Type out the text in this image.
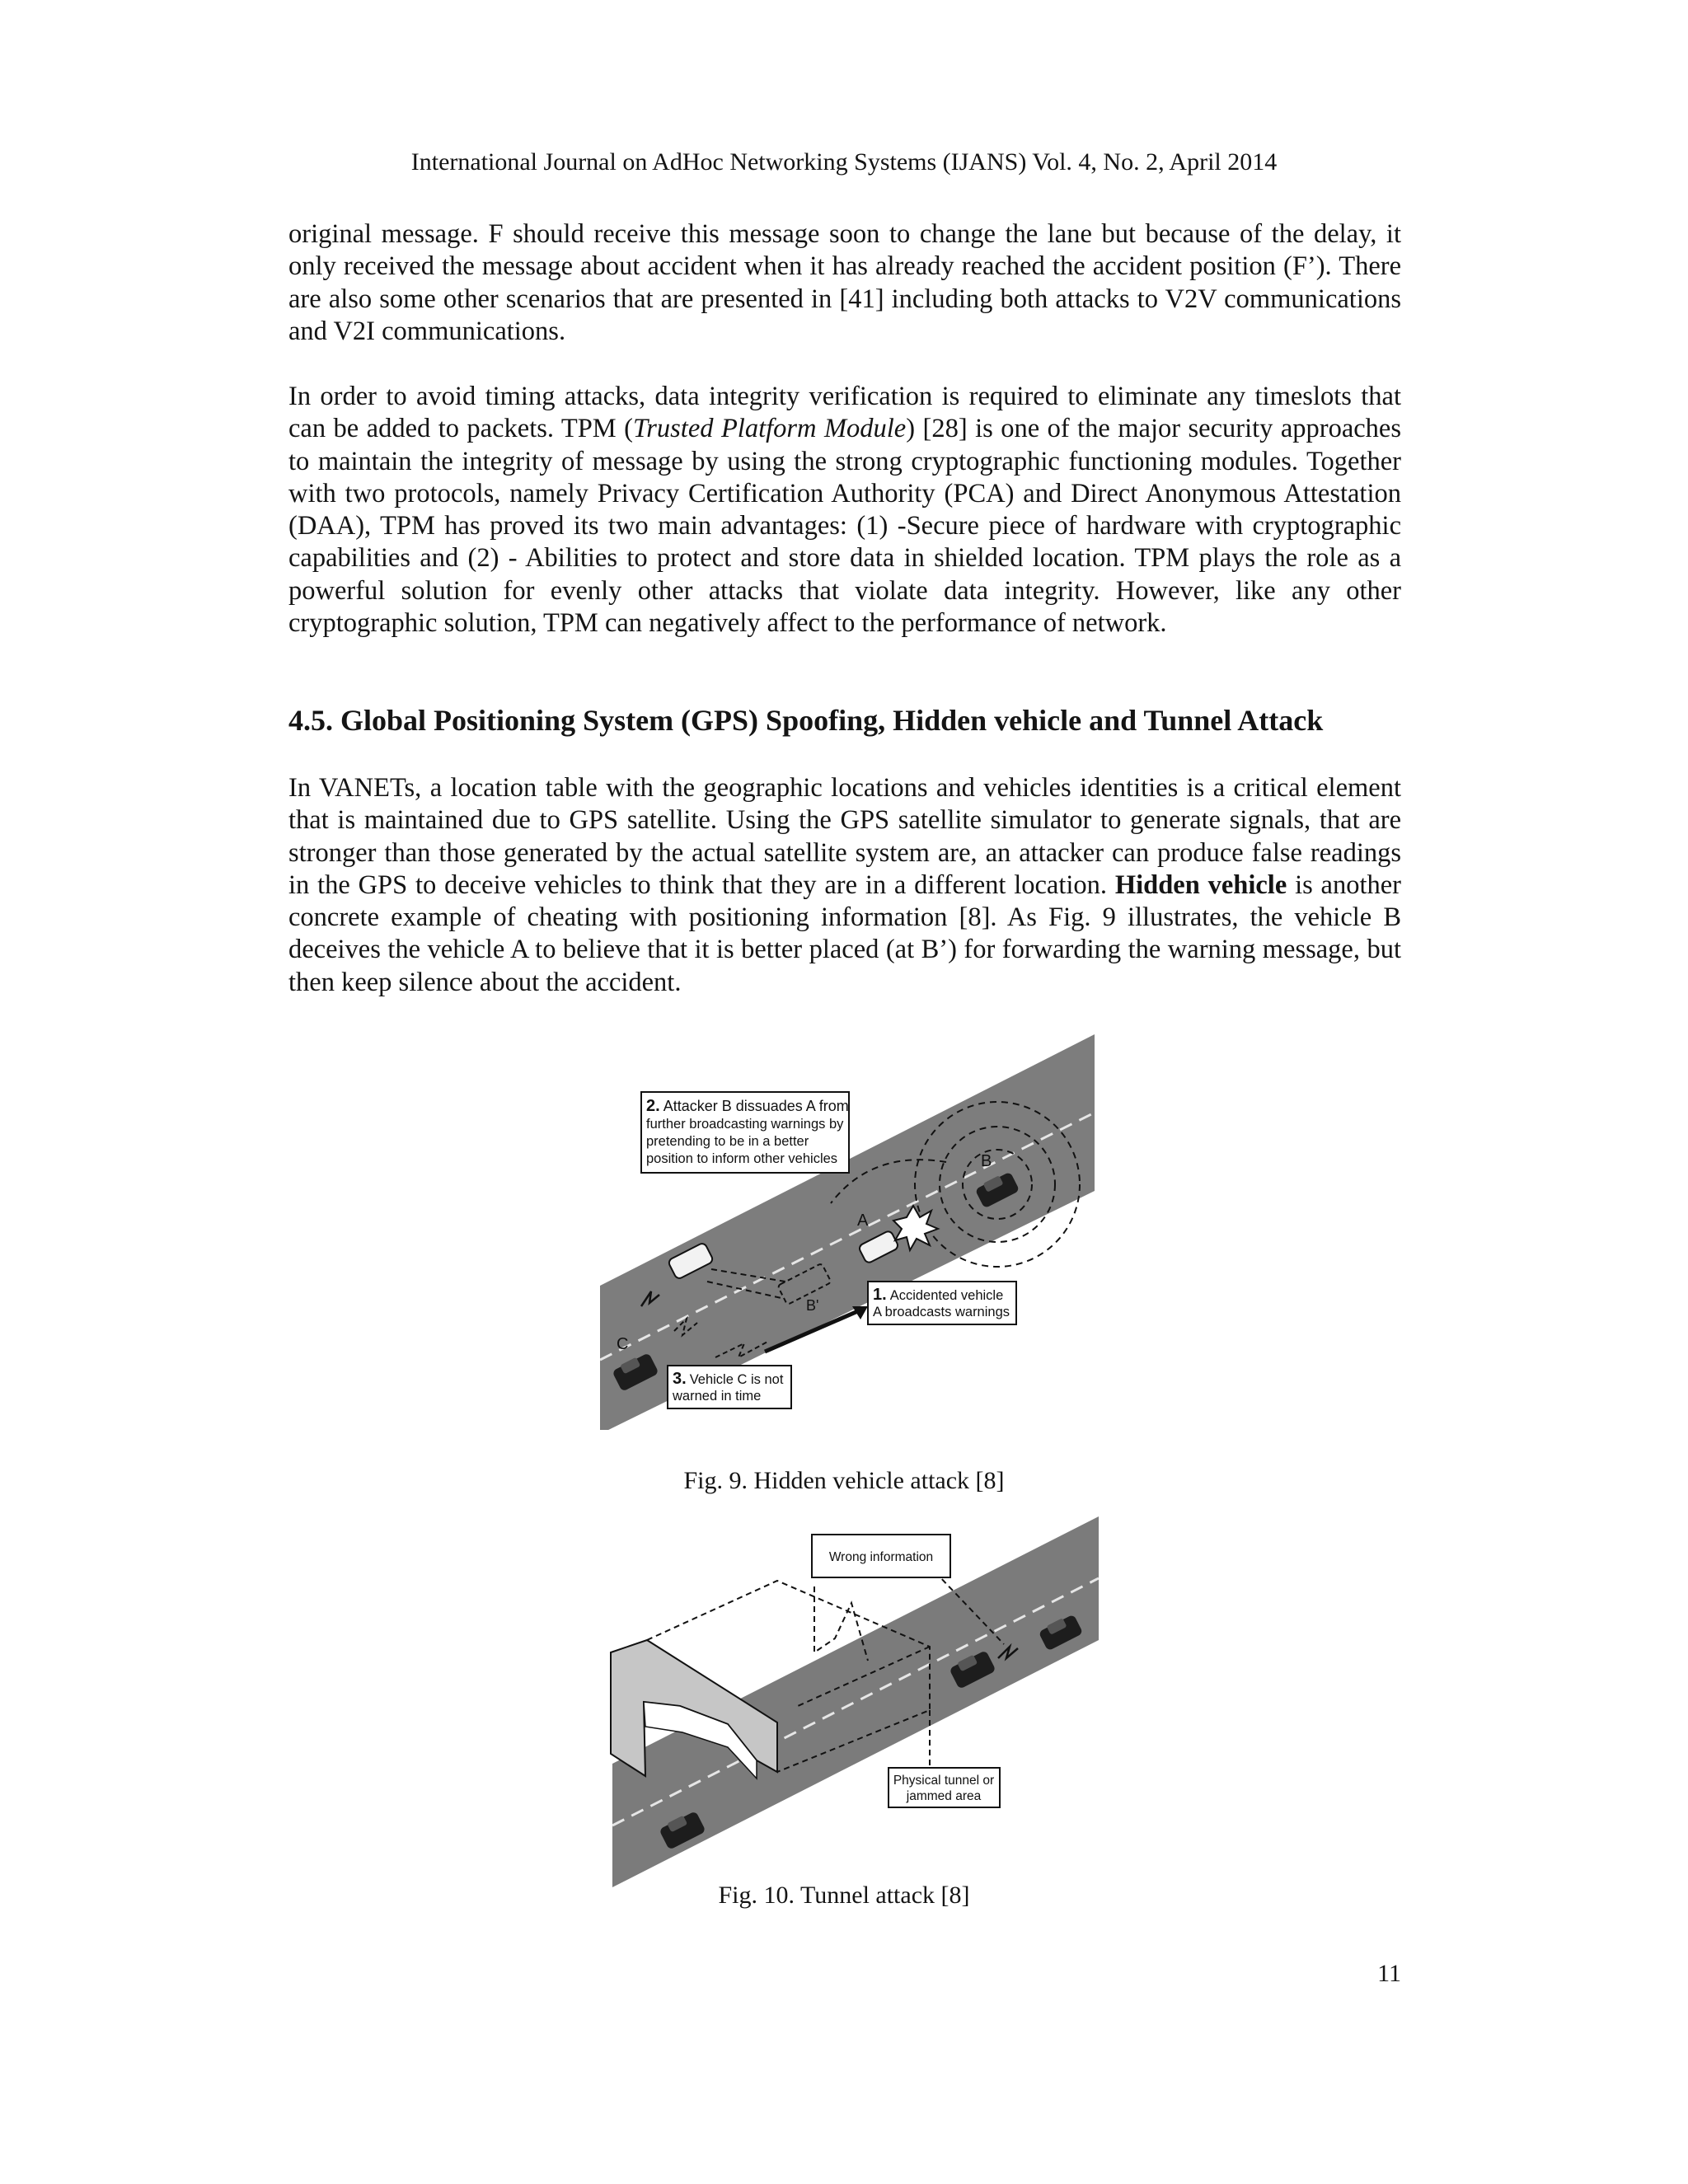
International Journal on AdHoc Networking Systems (IJANS) Vol. 4, No. 2, April 2014

original message. F should receive this message soon to change the lane but because of the delay, it only received the message about accident when it has already reached the accident position (F’). There are also some other scenarios that are presented in [41] including both attacks to V2V communications and V2I communications.

In order to avoid timing attacks, data integrity verification is required to eliminate any timeslots that can be added to packets. TPM (Trusted Platform Module) [28] is one of the major security approaches to maintain the integrity of message by using the strong cryptographic functioning modules. Together with two protocols, namely Privacy Certification Authority (PCA) and Direct Anonymous Attestation (DAA), TPM has proved its two main advantages: (1) -Secure piece of hardware with cryptographic capabilities and (2) - Abilities to protect and store data in shielded location. TPM plays the role as a powerful solution for evenly other attacks that violate data integrity. However, like any other cryptographic solution, TPM can negatively affect to the performance of network.

4.5. Global Positioning System (GPS) Spoofing, Hidden vehicle and Tunnel Attack

In VANETs, a location table with the geographic locations and vehicles identities is a critical element that is maintained due to GPS satellite. Using the GPS satellite simulator to generate signals, that are stronger than those generated by the actual satellite system are, an attacker can produce false readings in the GPS to deceive vehicles to think that they are in a different location. Hidden vehicle is another concrete example of cheating with positioning information [8]. As Fig. 9 illustrates, the vehicle B deceives the vehicle A to believe that it is better placed (at B’) for forwarding the warning message, but then keep silence about the accident.

B
A
B'
C
2. Attacker B dissuades A from
further broadcasting warnings by
pretending to be in a better
position to inform other vehicles
1. Accidented vehicle
A broadcasts warnings
3. Vehicle C is not
warned in time
Fig. 9. Hidden vehicle attack [8]
Wrong information
Physical tunnel or
jammed area
Fig. 10. Tunnel attack [8]
11
